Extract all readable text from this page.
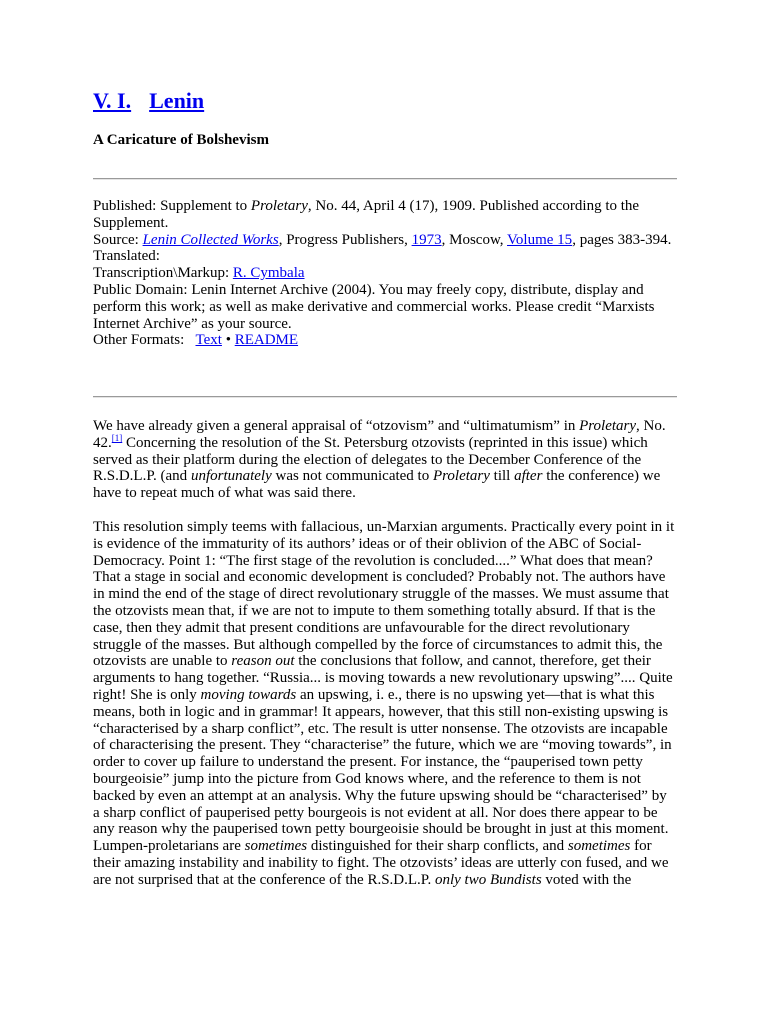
V. I. Lenin
A Caricature of Bolshevism
Published: Supplement to Proletary, No. 44, April 4 (17), 1909. Published according to the Supplement.
Source: Lenin Collected Works, Progress Publishers, 1973, Moscow, Volume 15, pages 383-394.
Translated:
Transcription\Markup: R. Cymbala
Public Domain: Lenin Internet Archive (2004). You may freely copy, distribute, display and perform this work; as well as make derivative and commercial works. Please credit “Marxists Internet Archive” as your source.
Other Formats: Text • README

We have already given a general appraisal of “otzovism” and “ultimatumism” in Proletary, No. 42.[1] Concerning the resolution of the St. Petersburg otzovists (reprinted in this issue) which served as their platform during the election of delegates to the December Conference of the R.S.D.L.P. (and unfortunately was not communicated to Proletary till after the conference) we have to repeat much of what was said there.

This resolution simply teems with fallacious, un-Marxian arguments. Practically every point in it is evidence of the immaturity of its authors’ ideas or of their oblivion of the ABC of Social-Democracy. Point 1: “The first stage of the revolution is concluded....” What does that mean? That a stage in social and economic development is concluded? Probably not. The authors have in mind the end of the stage of direct revolutionary struggle of the masses. We must assume that the otzovists mean that, if we are not to impute to them something totally absurd. If that is the case, then they admit that present conditions are unfavourable for the direct revolutionary struggle of the masses. But although compelled by the force of circumstances to admit this, the otzovists are unable to reason out the conclusions that follow, and cannot, therefore, get their arguments to hang together. “Russia... is moving towards a new revolutionary upswing”.... Quite right! She is only moving towards an upswing, i. e., there is no upswing yet—that is what this means, both in logic and in grammar! It appears, however, that this still non-existing upswing is “characterised by a sharp conflict”, etc. The result is utter nonsense. The otzovists are incapable of characterising the present. They “characterise” the future, which we are “moving towards”, in order to cover up failure to understand the present. For instance, the “pauperised town petty bourgeoisie” jump into the picture from God knows where, and the reference to them is not backed by even an attempt at an analysis. Why the future upswing should be “characterised” by a sharp conflict of pauperised petty bourgeois is not evident at all. Nor does there appear to be any reason why the pauperised town petty bourgeoisie should be brought in just at this moment. Lumpen-proletarians are sometimes distinguished for their sharp conflicts, and sometimes for their amazing instability and inability to fight. The otzovists’ ideas are utterly con fused, and we are not surprised that at the conference of the R.S.D.L.P. only two Bundists voted with the
